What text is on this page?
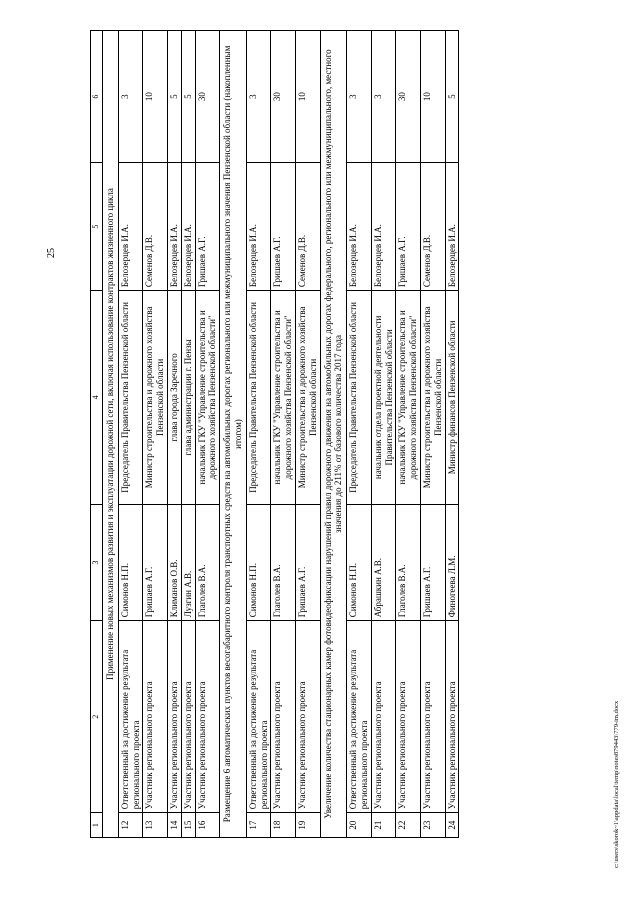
25
1	2	3	4	5	6
Применение новых механизмов развития и эксплуатации дорожной сети, включая использование контрактов жизненного цикла					
12	Ответственный за достижение результата регионального проекта	Симонов Н.П.	Председатель Правительства Пензенской области	Белозерцев И.А.	3
13	Участник регионального проекта	Гришаев А.Г.	Министр строительства и дорожного хозяйства Пензенской области	Семенов Д.В.	10
14	Участник регионального проекта	Климанов О.В.	глава города Заречного	Белозерцев И.А.	5
15	Участник регионального проекта	Лузгин А.В.	глава администрации г. Пензы	Белозерцев И.А.	5
16	Участник регионального проекта	Глаголев В.А.	начальник ГКУ "Управление строительства и дорожного хозяйства Пензенской области"	Гришаев А.Г.	30
Размещение 6 автоматических пунктов весогабаритного контроля транспортных средств на автомобильных дорогах регионального или межмуниципального значения Пензенской области (накопленным итогом)					
17	Ответственный за достижение результата регионального проекта	Симонов Н.П.	Председатель Правительства Пензенской области	Белозерцев И.А.	3
18	Участник регионального проекта	Глаголев В.А.	начальник ГКУ "Управление строительства и дорожного хозяйства Пензенской области"	Гришаев А.Г.	30
19	Участник регионального проекта	Гришаев А.Г.	Министр строительства и дорожного хозяйства Пензенской области	Семенов Д.В.	10
Увеличение количества стационарных камер фотовидеофиксации нарушений правил дорожного движения на автомобильных дорогах федерального, регионального или межмуниципального, местного значения до 211% от базового количества 2017 года					
20	Ответственный за достижение результата регионального проекта	Симонов Н.П.	Председатель Правительства Пензенской области	Белозерцев И.А.	3
21	Участник регионального проекта	Абрашкин А.В.	начальник отдела проектной деятельности Правительства Пензенской области	Белозерцев И.А.	3
22	Участник регионального проекта	Глаголев В.А.	начальник ГКУ "Управление строительства и дорожного хозяйства Пензенской области"	Гришаев А.Г.	30
23	Участник регионального проекта	Гришаев А.Г.	Министр строительства и дорожного хозяйства Пензенской области	Семенов Д.В.	10
24	Участник регионального проекта	Финогеева Л.М.	Министр финансов Пензенской области	Белозерцев И.А.	5
c:\users\skorok~1\appdata\local\temp\notes879443\779-im.docx
